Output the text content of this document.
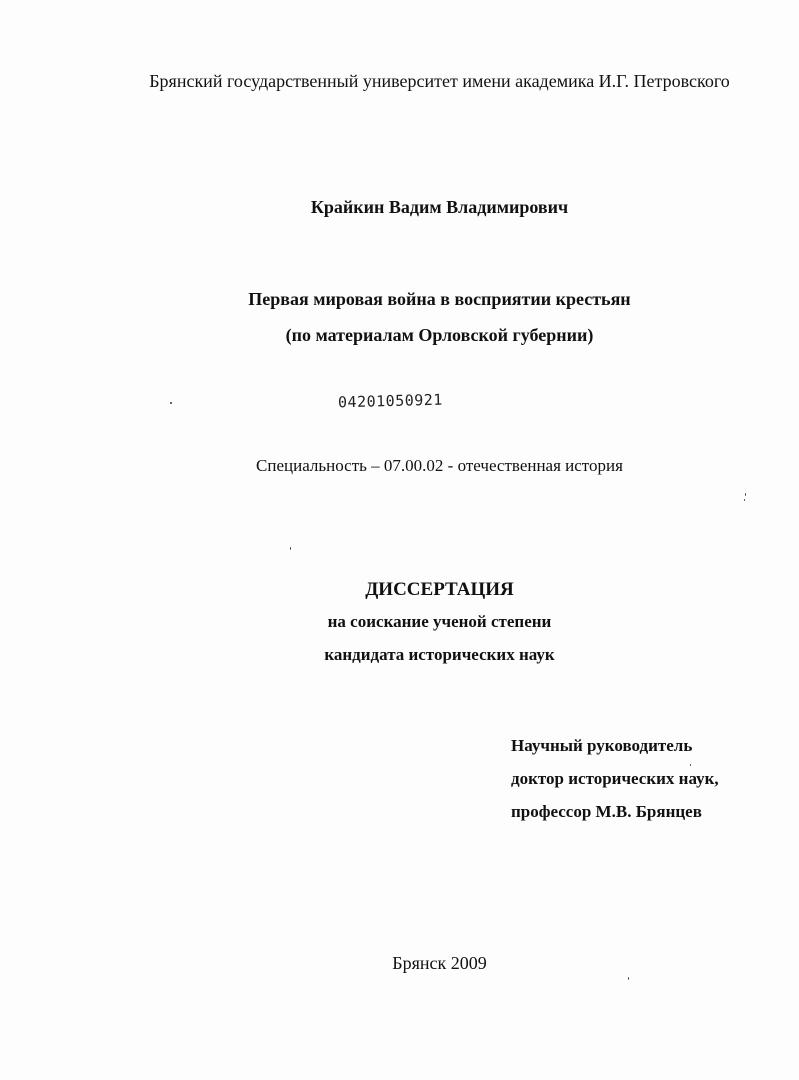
Брянский государственный университет имени академика И.Г. Петровского
Крайкин Вадим Владимирович
Первая мировая война в восприятии крестьян
(по материалам Орловской губернии)
04201050921
Специальность – 07.00.02 - отечественная история
ДИССЕРТАЦИЯ
на соискание ученой степени
кандидата исторических наук
Научный руководитель
доктор исторических наук,
профессор М.В. Брянцев
Брянск 2009
